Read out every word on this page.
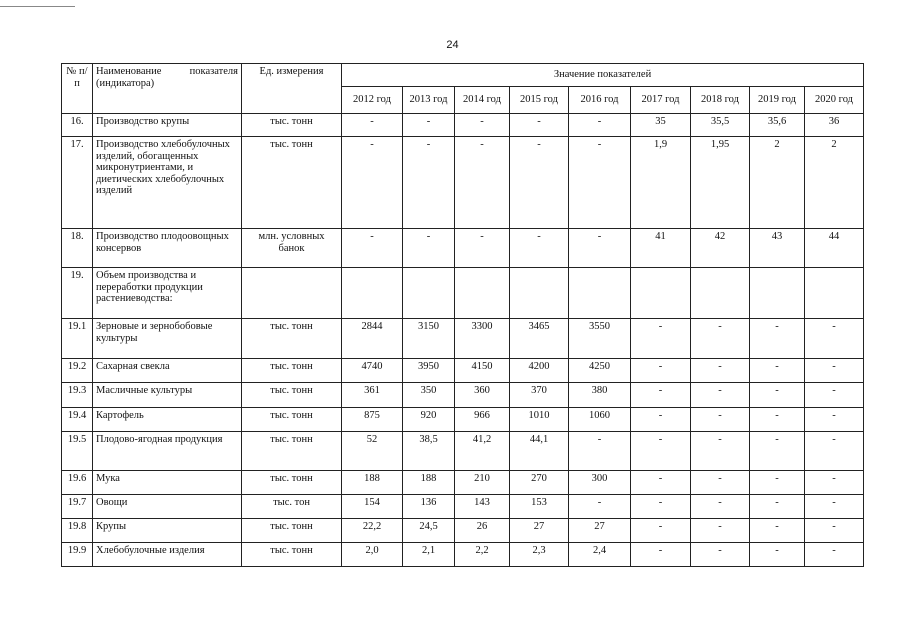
24
№ п/п	Наименование показателя (индикатора)	Ед. измерения	Значение показателей								
			2012 год	2013 год	2014 год	2015 год	2016 год	2017 год	2018 год	2019 год	2020 год
16.	Производство крупы	тыс. тонн	-	-	-	-	-	35	35,5	35,6	36
17.	Производство хлебобулочных изделий, обогащенных микронутриентами, и диетических хлебобулочных изделий	тыс. тонн	-	-	-	-	-	1,9	1,95	2	2
18.	Производство плодоовощных консервов	млн. условных банок	-	-	-	-	-	41	42	43	44
19.	Объем производства и переработки продукции растениеводства:										
19.1	Зерновые и зернобобовые культуры	тыс. тонн	2844	3150	3300	3465	3550	-	-	-	-
19.2	Сахарная свекла	тыс. тонн	4740	3950	4150	4200	4250	-	-	-	-
19.3	Масличные культуры	тыс. тонн	361	350	360	370	380	-	-	-	-
19.4	Картофель	тыс. тонн	875	920	966	1010	1060	-	-	-	-
19.5	Плодово-ягодная продукция	тыс. тонн	52	38,5	41,2	44,1	-	-	-	-	-
19.6	Мука	тыс. тонн	188	188	210	270	300	-	-	-	-
19.7	Овощи	тыс. тон	154	136	143	153	-	-	-	-	-
19.8	Крупы	тыс. тонн	22,2	24,5	26	27	27	-	-	-	-
19.9	Хлебобулочные изделия	тыс. тонн	2,0	2,1	2,2	2,3	2,4	-	-	-	-
